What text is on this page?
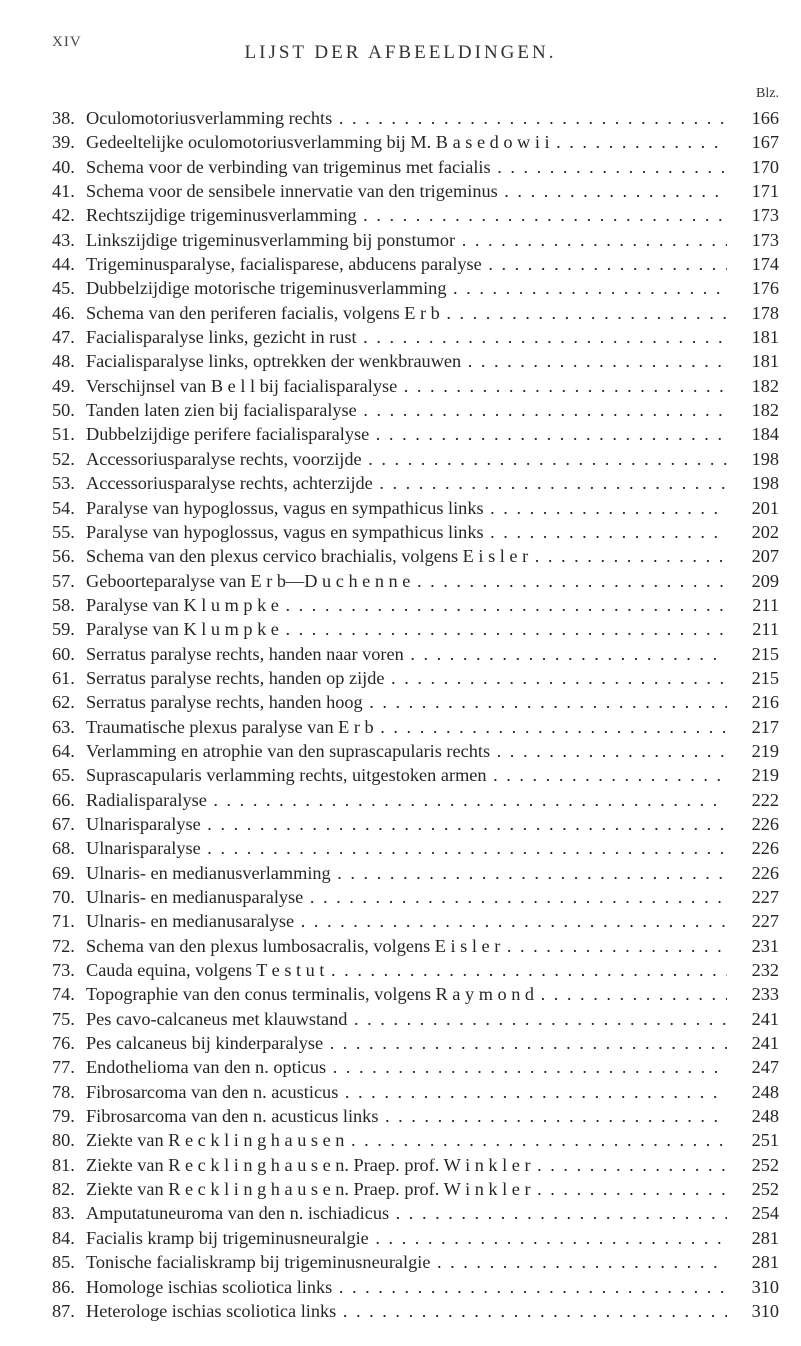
XIV	LIJST DER AFBEELDINGEN.
Blz.
38. Oculomotoriusverlamming rechts . . .	166
39. Gedeeltelijke oculomotoriusverlamming bij M. B a s e d o w i i . . .	167
40. Schema voor de verbinding van trigeminus met facialis . . .	170
41. Schema voor de sensibele innervatie van den trigeminus . . .	171
42. Rechtszijdige trigeminusverlamming . . .	173
43. Linkszijdige trigeminusverlamming bij ponstumor . . .	173
44. Trigeminusparalyse, facialisparese, abducens paralyse . . .	174
45. Dubbelzijdige motorische trigeminusverlamming . . .	176
46. Schema van den periferen facialis, volgens E r b . . .	178
47. Facialisparalyse links, gezicht in rust . . .	181
48. Facialisparalyse links, optrekken der wenkbrauwen . . .	181
49. Verschijnsel van B e l l bij facialisparalyse . . .	182
50. Tanden laten zien bij facialisparalyse . . .	182
51. Dubbelzijdige perifere facialisparalyse . . .	184
52. Accessoriusparalyse rechts, voorzijde . . .	198
53. Accessoriusparalyse rechts, achterzijde . . .	198
54. Paralyse van hypoglossus, vagus en sympathicus links . . .	201
55. Paralyse van hypoglossus, vagus en sympathicus links . . .	202
56. Schema van den plexus cervico brachialis, volgens E i s l e r . . .	207
57. Geboorteparalyse van E r b—D u c h e n n e . . .	209
58. Paralyse van K l u m p k e . . .	211
59. Paralyse van K l u m p k e . . .	211
60. Serratus paralyse rechts, handen naar voren . . .	215
61. Serratus paralyse rechts, handen op zijde . . .	215
62. Serratus paralyse rechts, handen hoog . . .	216
63. Traumatische plexus paralyse van E r b . . .	217
64. Verlamming en atrophie van den suprascapularis rechts . . .	219
65. Suprascapularis verlamming rechts, uitgestoken armen . . .	219
66. Radialisparalyse . . .	222
67. Ulnarisparalyse . . .	226
68. Ulnarisparalyse . . .	226
69. Ulnaris- en medianusverlamming . . .	226
70. Ulnaris- en medianusparalyse . . .	227
71. Ulnaris- en medianusaralyse . . .	227
72. Schema van den plexus lumbosacralis, volgens E i s l e r . . .	231
73. Cauda equina, volgens T e s t u t . . .	232
74. Topographie van den conus terminalis, volgens R a y m o n d . . .	233
75. Pes cavo-calcaneus met klauwstand . . .	241
76. Pes calcaneus bij kinderparalyse . . .	241
77. Endothelioma van den n. opticus . . .	247
78. Fibrosarcoma van den n. acusticus . . .	248
79. Fibrosarcoma van den n. acusticus links . . .	248
80. Ziekte van R e c k l i n g h a u s e n . . .	251
81. Ziekte van R e c k l i n g h a u s e n. Praep. prof. W i n k l e r . . .	252
82. Ziekte van R e c k l i n g h a u s e n. Praep. prof. W i n k l e r . . .	252
83. Amputatuneuroma van den n. ischiadicus . . .	254
84. Facialis kramp bij trigeminusneuralgie . . .	281
85. Tonische facialiskramp bij trigeminusneuralgie . . .	281
86. Homologe ischias scoliotica links . . .	310
87. Heterologe ischias scoliotica links . . .	310
